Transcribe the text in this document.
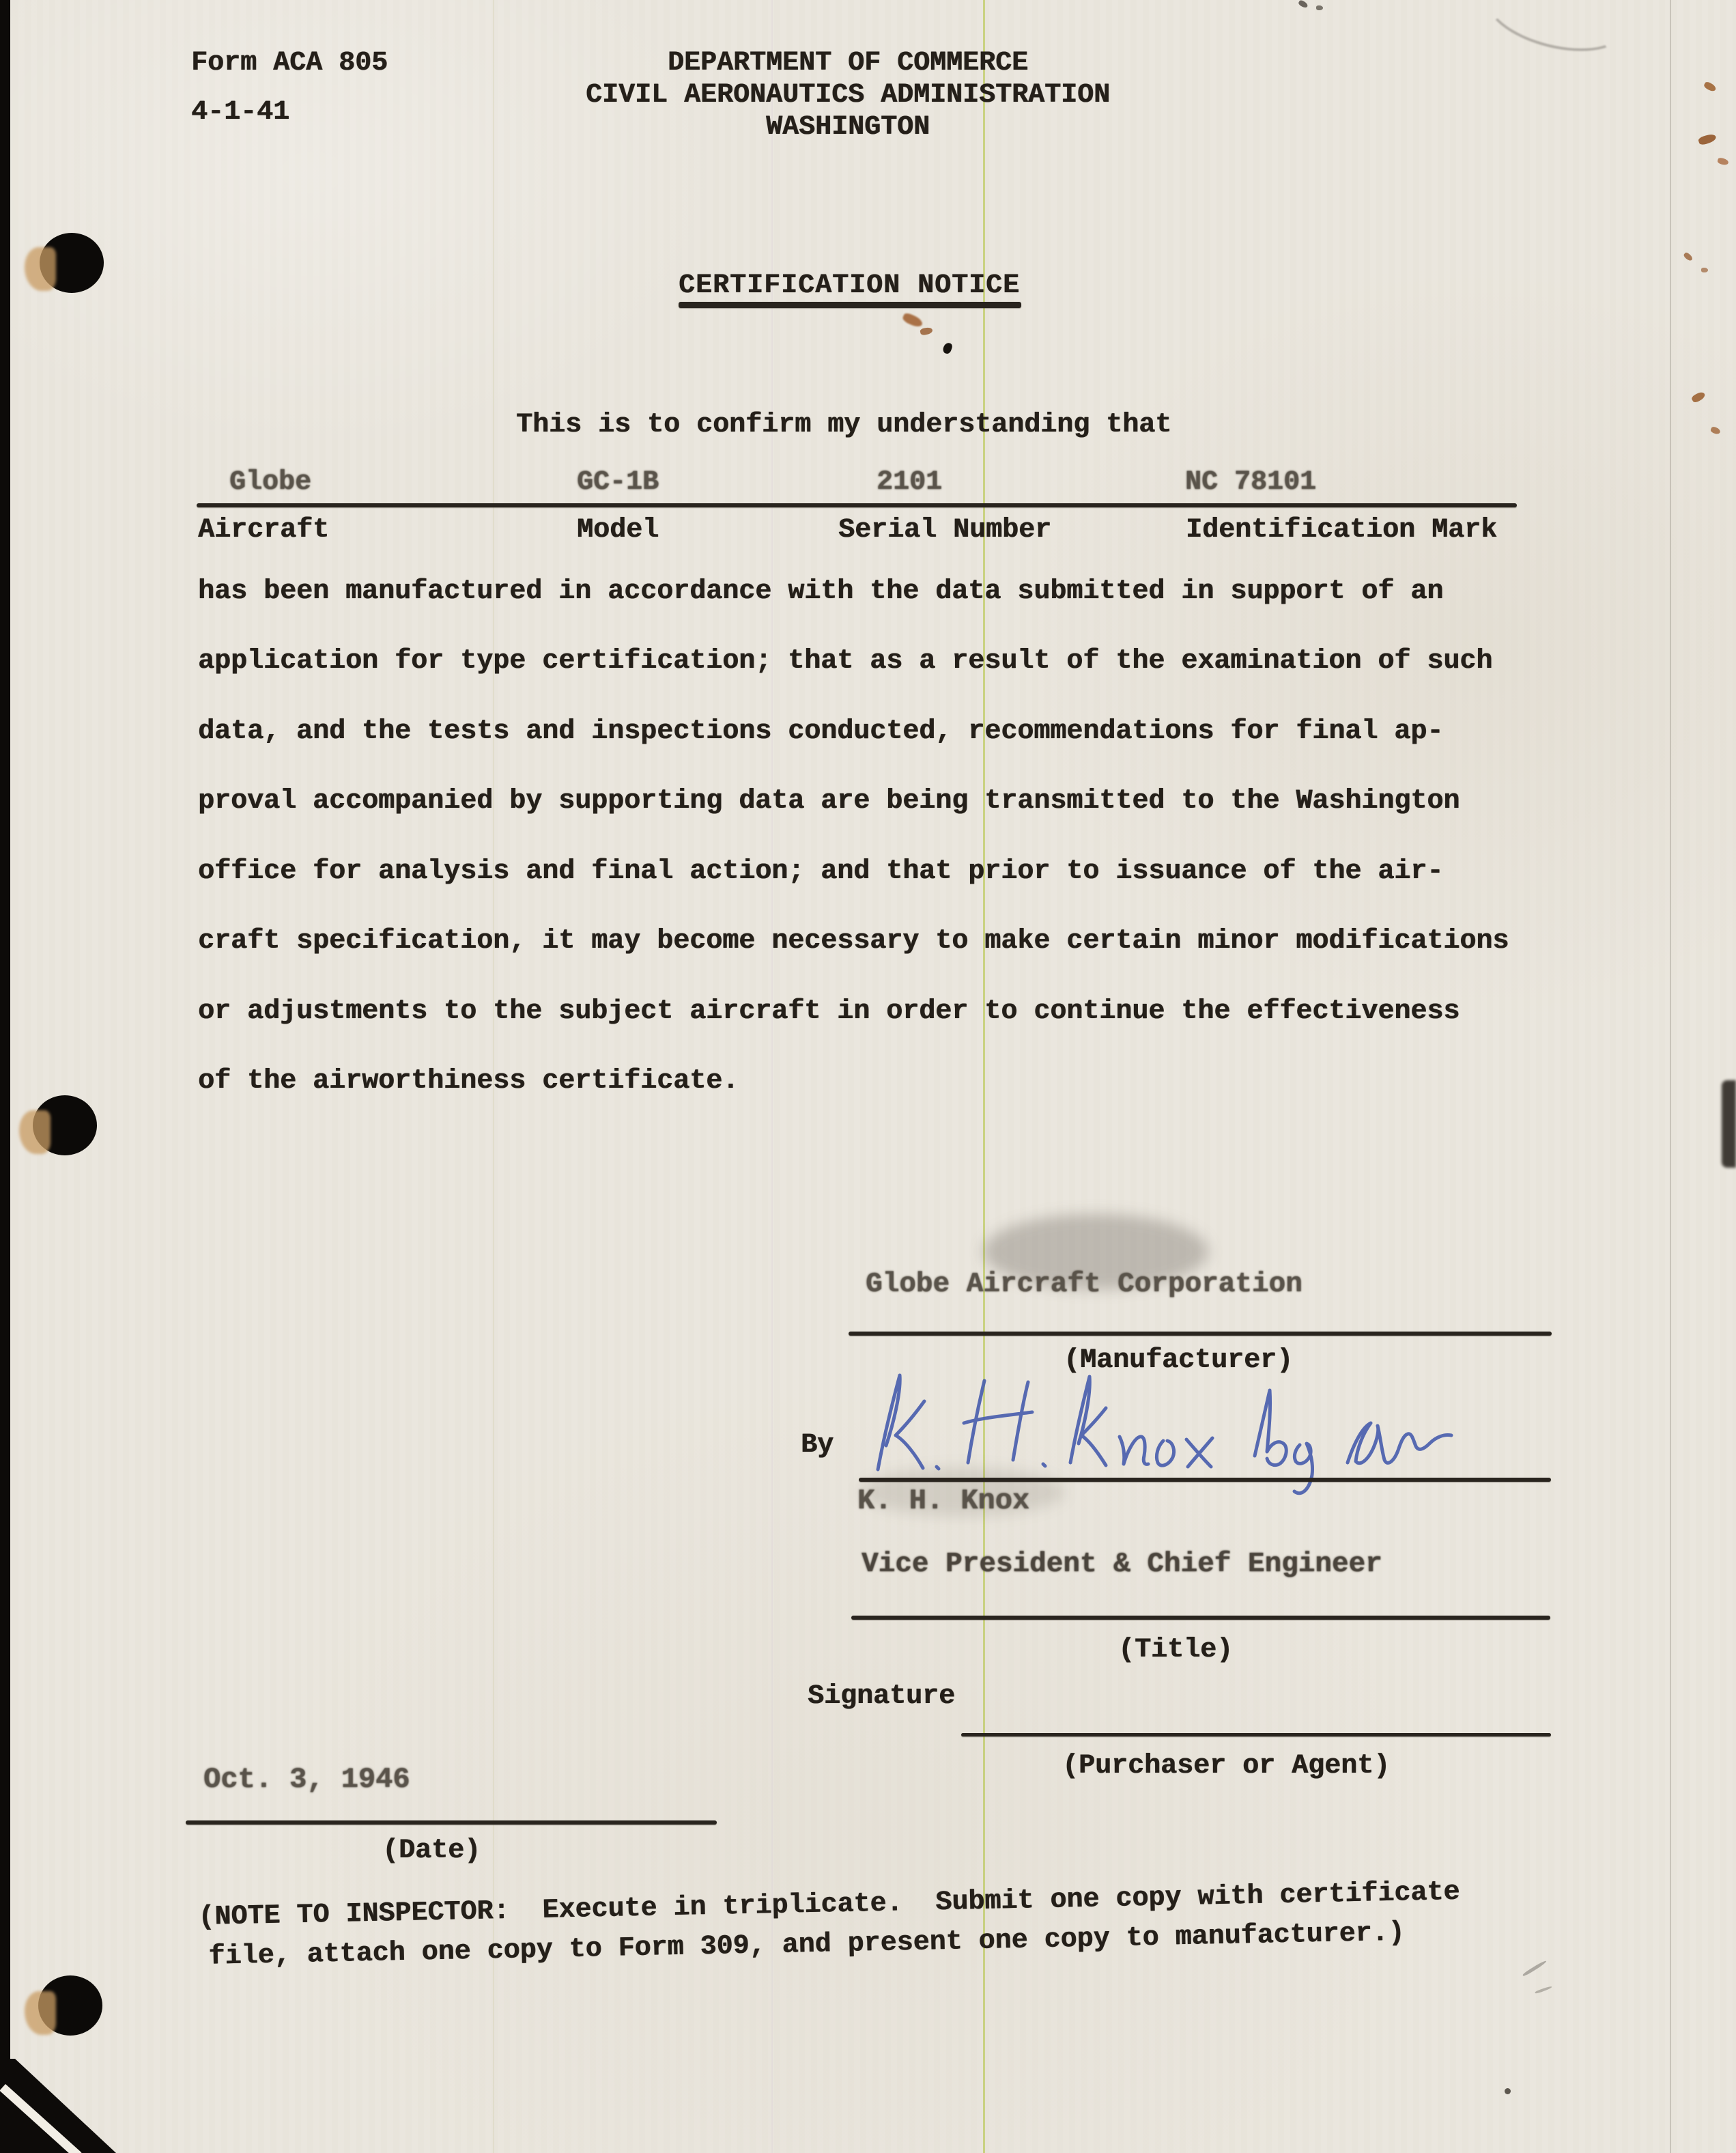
Form ACA 805
4-1-41
DEPARTMENT OF COMMERCE
CIVIL AERONAUTICS ADMINISTRATION
WASHINGTON
CERTIFICATION NOTICE
This is to confirm my understanding that
Globe	GC-1B	2101	NC 78101
Aircraft	Model	Serial Number	Identification Mark
has been manufactured in accordance with the data submitted in support of an
application for type certification; that as a result of the examination of such
data, and the tests and inspections conducted, recommendations for final ap-
proval accompanied by supporting data are being transmitted to the Washington
office for analysis and final action; and that prior to issuance of the air-
craft specification, it may become necessary to make certain minor modifications
or adjustments to the subject aircraft in order to continue the effectiveness
of the airworthiness certificate.
Globe Aircraft Corporation
(Manufacturer)
By
K. H. Knox
Vice President & Chief Engineer
(Title)
Signature
(Purchaser or Agent)
Oct. 3, 1946
(Date)
(NOTE TO INSPECTOR:  Execute in triplicate.  Submit one copy with certificate
file, attach one copy to Form 309, and present one copy to manufacturer.)
